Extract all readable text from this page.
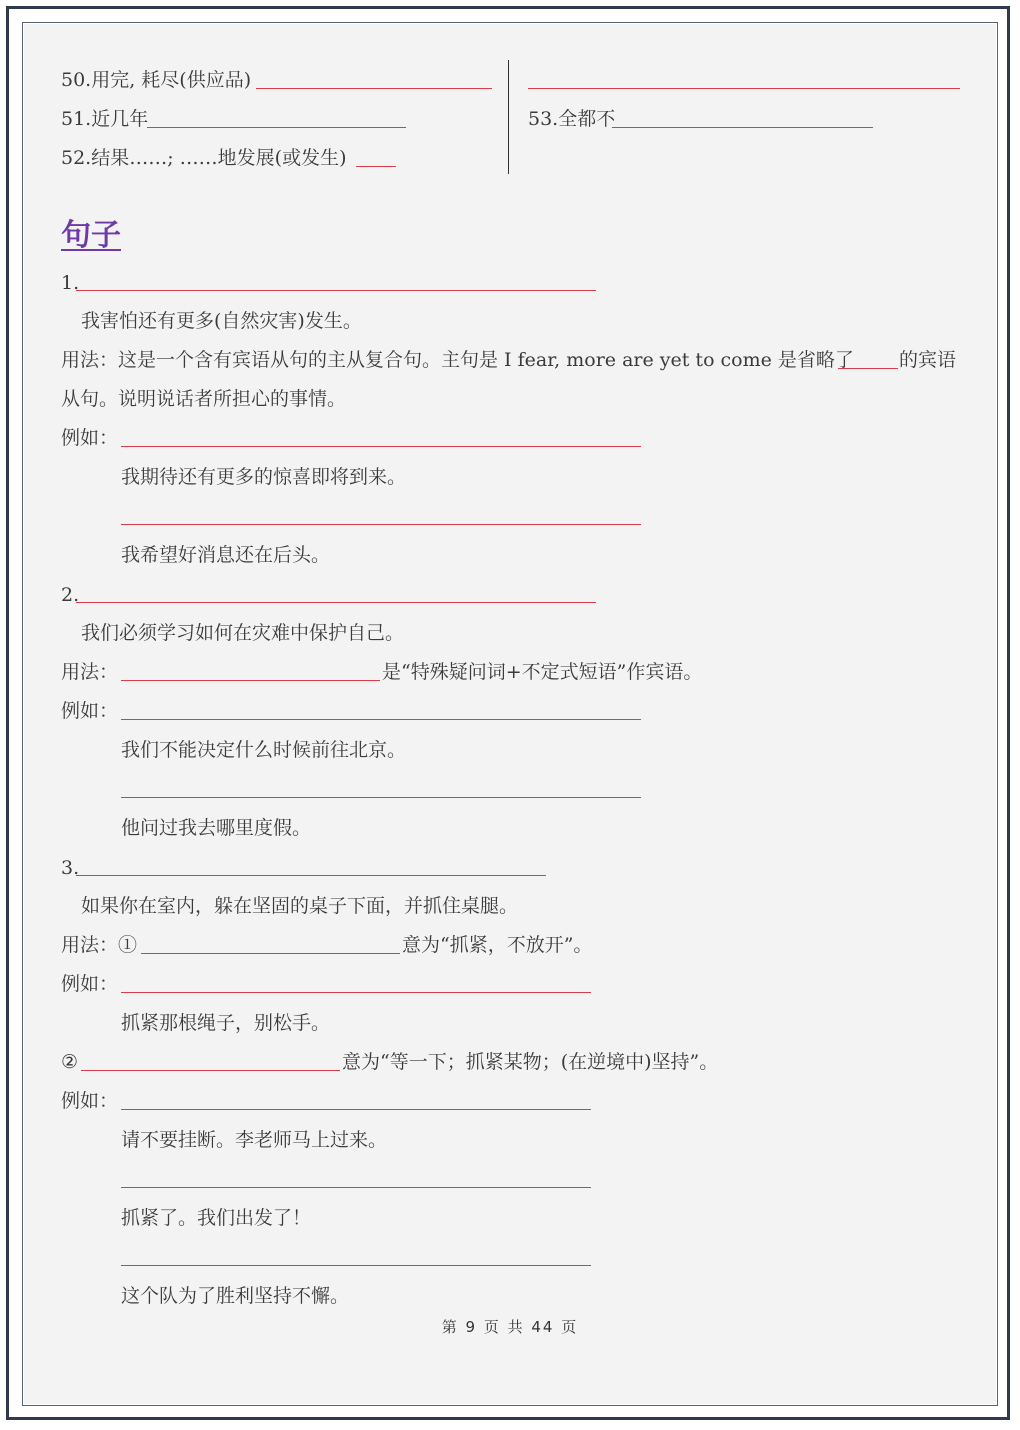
50.用完, 耗尽(供应品)
51.近几年
52.结果……; ……地发展(或发生)
53.全都不
句子
1.
我害怕还有更多(自然灾害)发生。
用法：这是一个含有宾语从句的主从复合句。主句是 I fear, more are yet to come 是省略了 的宾语
从句。说明说话者所担心的事情。
例如：
我期待还有更多的惊喜即将到来。
我希望好消息还在后头。
2.
我们必须学习如何在灾难中保护自己。
用法：	是“特殊疑问词+不定式短语”作宾语。
例如：
我们不能决定什么时候前往北京。
他问过我去哪里度假。
3.
如果你在室内，躲在坚固的桌子下面，并抓住桌腿。
用法：①	意为“抓紧，不放开”。
例如：
抓紧那根绳子，别松手。
②	意为“等一下；抓紧某物；(在逆境中)坚持”。
例如：
请不要挂断。李老师马上过来。
抓紧了。我们出发了！
这个队为了胜利坚持不懈。
第 9 页 共 44 页
